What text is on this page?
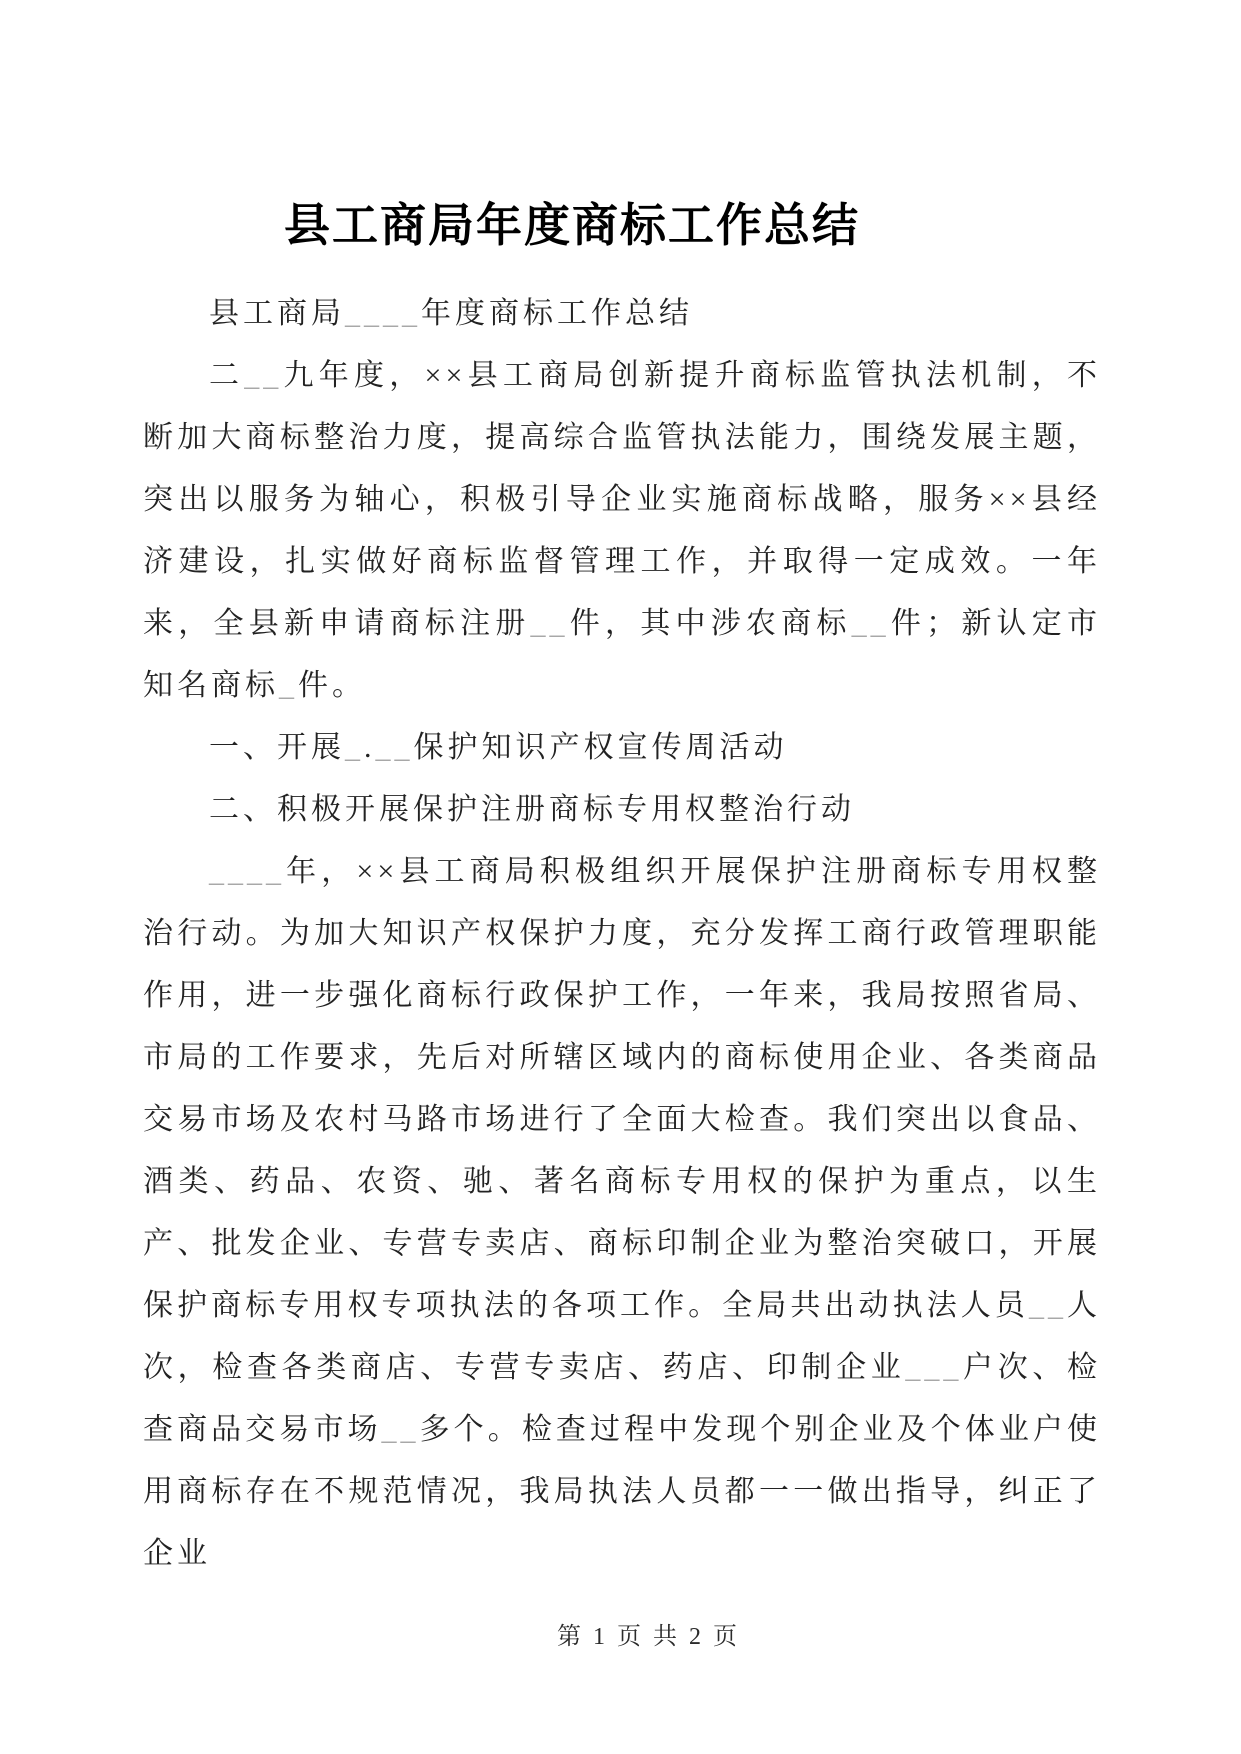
县工商局年度商标工作总结

县工商局____年度商标工作总结

二__九年度，××县工商局创新提升商标监管执法机制，不断加大商标整治力度，提高综合监管执法能力，围绕发展主题，突出以服务为轴心，积极引导企业实施商标战略，服务××县经济建设，扎实做好商标监督管理工作，并取得一定成效。一年来，全县新申请商标注册__件，其中涉农商标__件；新认定市知名商标_件。

一、开展_.__保护知识产权宣传周活动

二、积极开展保护注册商标专用权整治行动

____年，××县工商局积极组织开展保护注册商标专用权整治行动。为加大知识产权保护力度，充分发挥工商行政管理职能作用，进一步强化商标行政保护工作，一年来，我局按照省局、市局的工作要求，先后对所辖区域内的商标使用企业、各类商品交易市场及农村马路市场进行了全面大检查。我们突出以食品、酒类、药品、农资、驰、著名商标专用权的保护为重点，以生产、批发企业、专营专卖店、商标印制企业为整治突破口，开展保护商标专用权专项执法的各项工作。全局共出动执法人员__人次，检查各类商店、专营专卖店、药店、印制企业___户次、检查商品交易市场__多个。检查过程中发现个别企业及个体业户使用商标存在不规范情况，我局执法人员都一一做出指导，纠正了企业

第 1 页 共 2 页
